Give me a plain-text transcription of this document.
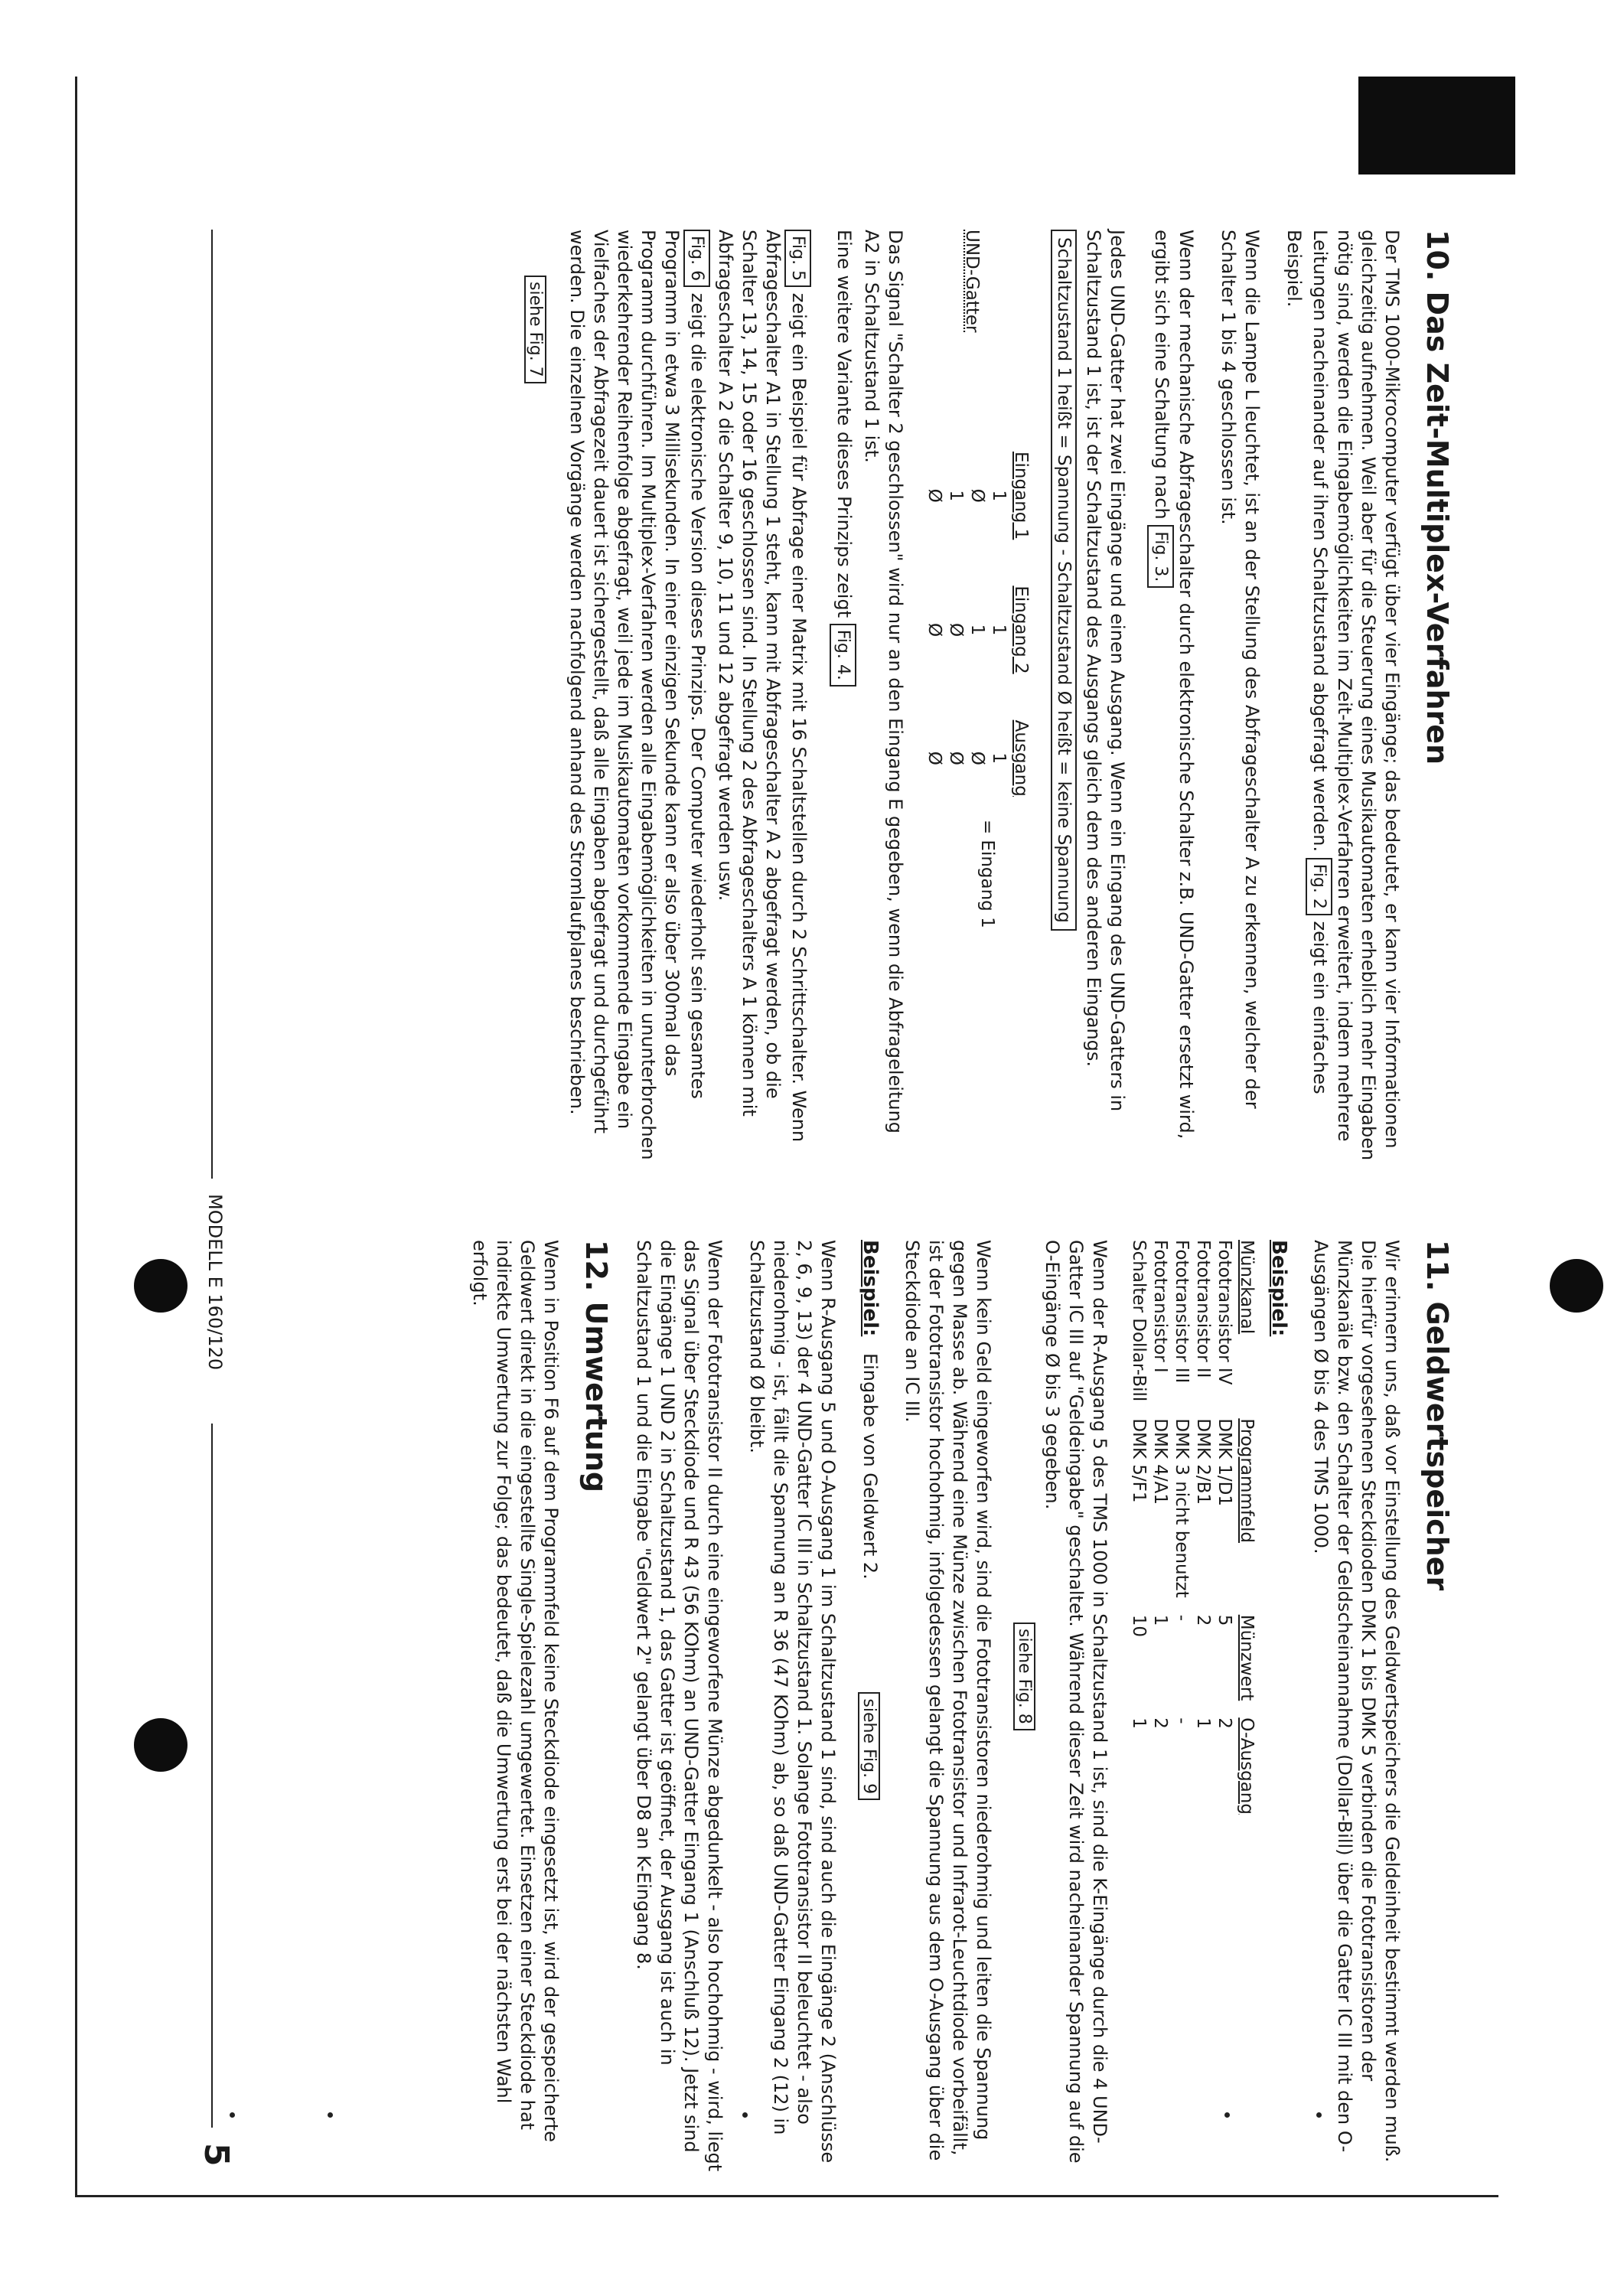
10. Das Zeit-Multiplex-Verfahren

Der TMS 1000-Mikrocomputer verfügt über vier Eingänge; das bedeutet, er kann vier Informationen gleichzeitig aufnehmen. Weil aber für die Steuerung eines Musikautomaten erheblich mehr Eingaben nötig sind, werden die Eingabemöglichkeiten im Zeit-Multiplex-Verfahren erweitert, indem mehrere Leitungen nacheinander auf ihren Schaltzustand abgefragt werden. Fig. 2 zeigt ein einfaches Beispiel.

Wenn die Lampe L leuchtet, ist an der Stellung des Abfrageschalter A zu erkennen, welcher der Schalter 1 bis 4 geschlossen ist.

Wenn der mechanische Abfrageschalter durch elektronische Schalter z.B. UND-Gatter ersetzt wird, ergibt sich eine Schaltung nach Fig. 3.

Jedes UND-Gatter hat zwei Eingänge und einen Ausgang. Wenn ein Eingang des UND-Gatters in Schaltzustand 1 ist, ist der Schaltzustand des Ausgangs gleich dem des anderen Eingangs.

Schaltzustand 1 heißt = Spannung - Schaltzustand Ø heißt = keine Spannung
UND-Gatter
Eingang 1	Eingang 2	Ausgang
1	1	1
Ø	1	Ø
1	Ø	Ø
Ø	Ø	Ø
= Eingang 1

Das Signal "Schalter 2 geschlossen" wird nur an den Eingang E gegeben, wenn die Abfrageleitung A2 in Schaltzustand 1 ist.

Eine weitere Variante dieses Prinzips zeigt Fig. 4.

Fig. 5 zeigt ein Beispiel für Abfrage einer Matrix mit 16 Schaltstellen durch 2 Schrittschalter. Wenn Abfrageschalter A1 in Stellung 1 steht, kann mit Abfrageschalter A 2 abgefragt werden, ob die Schalter 13, 14, 15 oder 16 geschlossen sind. In Stellung 2 des Abfrageschalters A 1 können mit Abfrageschalter A 2 die Schalter 9, 10, 11 und 12 abgefragt werden usw.

Fig. 6 zeigt die elektronische Version dieses Prinzips. Der Computer wiederholt sein gesamtes Programm in etwa 3 Millisekunden. In einer einzigen Sekunde kann er also über 300mal das Programm durchführen. Im Multiplex-Verfahren werden alle Eingabemöglichkeiten in ununterbrochen wiederkehrender Reihenfolge abgefragt, weil jede im Musikautomaten vorkommende Eingabe ein Vielfaches der Abfragezeit dauert ist sichergestellt, daß alle Eingaben abgefragt und durchgeführt werden. Die einzelnen Vorgänge werden nachfolgend anhand des Stromlaufplanes beschrieben.

siehe Fig. 7
11. Geldwertspeicher

Wir erinnern uns, daß vor Einstellung des Geldwertspeichers die Geldeinheit bestimmt werden muß. Die hierfür vorgesehenen Steckdioden DMK 1 bis DMK 5 verbinden die Fototransistoren der Münzkanäle bzw. den Schalter der Geldscheinannahme (Dollar-Bill) über die Gatter IC III mit den O-Ausgängen Ø bis 4 des TMS 1000.

Beispiel:
Münzkanal	Programmfeld	Münzwert	O-Ausgang
Fototransistor IV	DMK 1/D1	5	2
Fototransistor II	DMK 2/B1	2	1
Fototransistor III	DMK 3 nicht benutzt	-	-
Fototransistor I	DMK 4/A1	1	2
Schalter Dollar-Bill	DMK 5/F1	10	1

Wenn der R-Ausgang 5 des TMS 1000 in Schaltzustand 1 ist, sind die K-Eingänge durch die 4 UND-Gatter IC III auf "Geldeingabe" geschaltet. Während dieser Zeit wird nacheinander Spannung auf die O-Eingänge Ø bis 3 gegeben.

siehe Fig. 8

Wenn kein Geld eingeworfen wird, sind die Fototransistoren niederohmig und leiten die Spannung gegen Masse ab. Während eine Münze zwischen Fototransistor und Infrarot-Leuchtdiode vorbeifällt, ist der Fototransistor hochohmig, infolgedessen gelangt die Spannung aus dem O-Ausgang über die Steckdiode an IC III.

Beispiel: Eingabe von Geldwert 2. siehe Fig. 9

Wenn R-Ausgang 5 und O-Ausgang 1 im Schaltzustand 1 sind, sind auch die Eingänge 2 (Anschlüsse 2, 6, 9, 13) der 4 UND-Gatter IC III in Schaltzustand 1. Solange Fototransistor II beleuchtet - also niederohmig - ist, fällt die Spannung an R 36 (47 KOhm) ab, so daß UND-Gatter Eingang 2 (12) in Schaltzustand Ø bleibt.

Wenn der Fototransistor II durch eine eingeworfene Münze abgedunkelt - also hochohmig - wird, liegt das Signal über Steckdiode und R 43 (56 KOhm) an UND-Gatter Eingang 1 (Anschluß 12). Jetzt sind die Eingänge 1 UND 2 in Schaltzustand 1, das Gatter ist geöffnet, der Ausgang ist auch in Schaltzustand 1 und die Eingabe "Geldwert 2" gelangt über D8 an K-Eingang 8.

12. Umwertung

Wenn in Position F6 auf dem Programmfeld keine Steckdiode eingesetzt ist, wird der gespeicherte Geldwert direkt in die eingestellte Single-Spielezahl umgewertet. Einsetzen einer Steckdiode hat indirekte Umwertung zur Folge; das bedeutet, daß die Umwertung erst bei der nächsten Wahl erfolgt.

MODELL E 160/120
5
